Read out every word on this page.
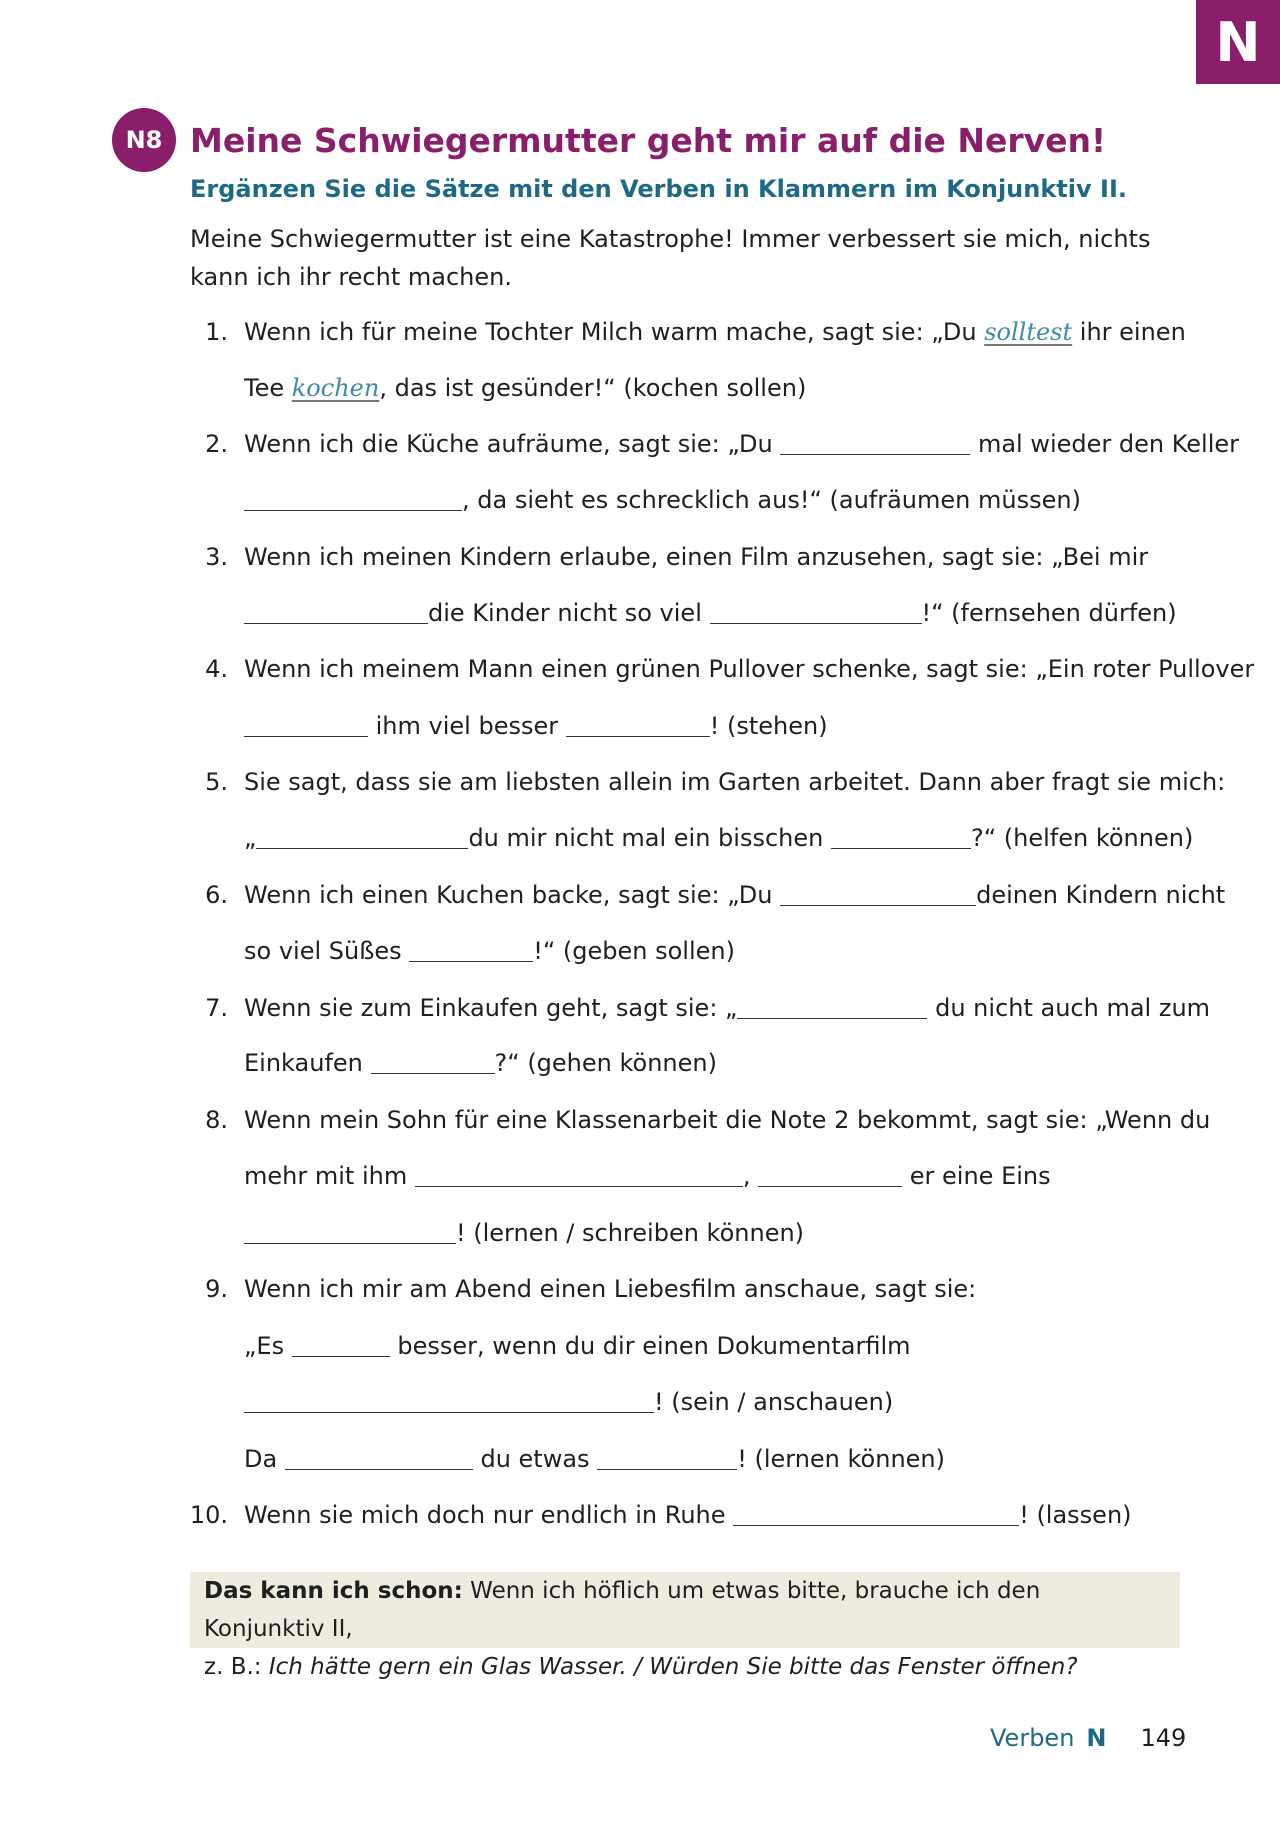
N
N8 Meine Schwiegermutter geht mir auf die Nerven!

Ergänzen Sie die Sätze mit den Verben in Klammern im Konjunktiv II.

Meine Schwiegermutter ist eine Katastrophe! Immer verbessert sie mich, nichts kann ich ihr recht machen.

1. Wenn ich für meine Tochter Milch warm mache, sagt sie: „Du solltest ihr einen
Tee kochen, das ist gesünder!“ (kochen sollen)
2. Wenn ich die Küche aufräume, sagt sie: „Du	mal wieder den Keller
, da sieht es schrecklich aus!“ (aufräumen müssen)
3. Wenn ich meinen Kindern erlaube, einen Film anzusehen, sagt sie: „Bei mir
die Kinder nicht so viel	!“ (fernsehen dürfen)
4. Wenn ich meinem Mann einen grünen Pullover schenke, sagt sie: „Ein roter Pullover
ihm viel besser	! (stehen)
5. Sie sagt, dass sie am liebsten allein im Garten arbeitet. Dann aber fragt sie mich:
„	du mir nicht mal ein bisschen	?“ (helfen können)
6. Wenn ich einen Kuchen backe, sagt sie: „Du	deinen Kindern nicht
so viel Süßes	!“ (geben sollen)
7. Wenn sie zum Einkaufen geht, sagt sie: „	du nicht auch mal zum
Einkaufen	?“ (gehen können)
8. Wenn mein Sohn für eine Klassenarbeit die Note 2 bekommt, sagt sie: „Wenn du
mehr mit ihm	,	er eine Eins
! (lernen / schreiben können)
9. Wenn ich mir am Abend einen Liebesfilm anschaue, sagt sie:
„Es	besser, wenn du dir einen Dokumentarfilm
! (sein / anschauen)
Da	du etwas	! (lernen können)
10. Wenn sie mich doch nur endlich in Ruhe	! (lassen)
Das kann ich schon: Wenn ich höflich um etwas bitte, brauche ich den Konjunktiv II,
z. B.: Ich hätte gern ein Glas Wasser. / Würden Sie bitte das Fenster öffnen?
Verben N 149
